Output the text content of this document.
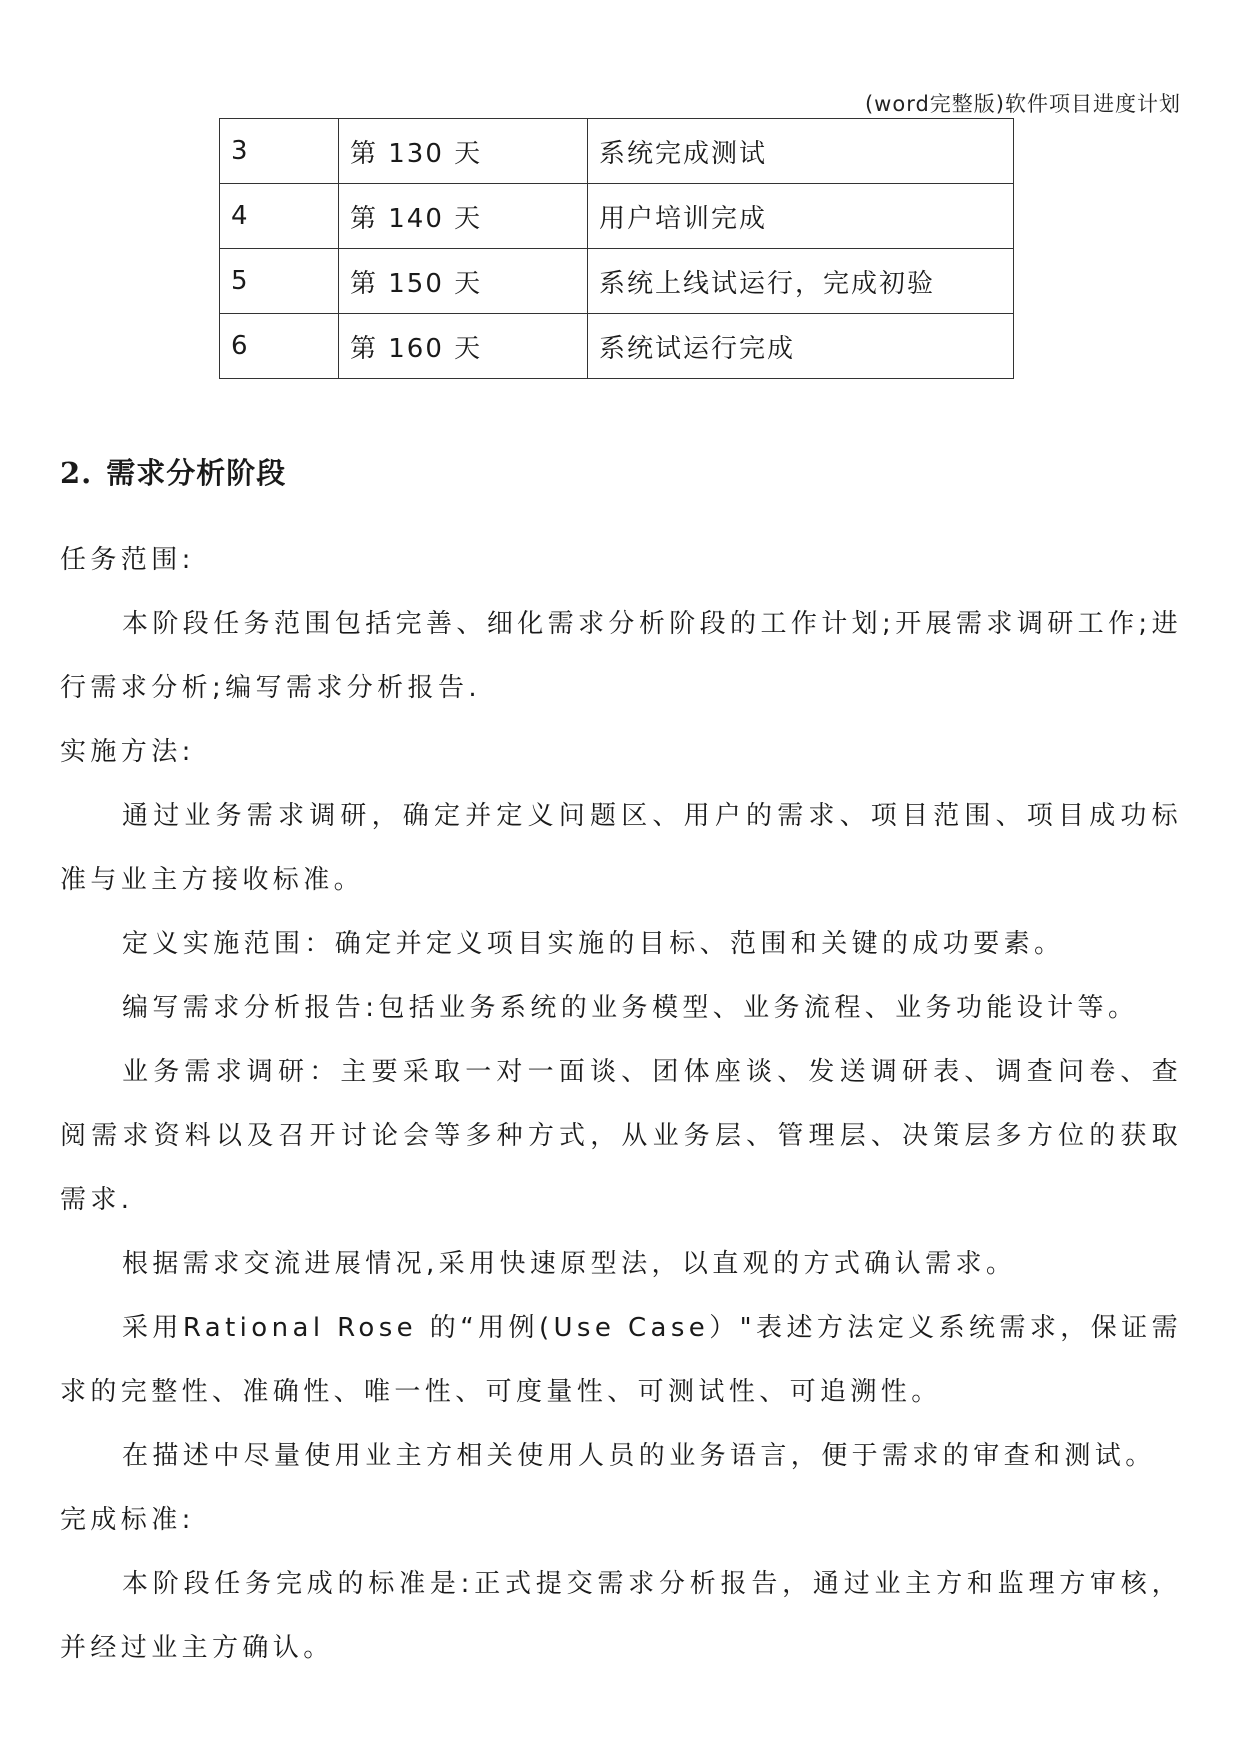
(word完整版)软件项目进度计划
3	第 130 天	系统完成测试
4	第 140 天	用户培训完成
5	第 150 天	系统上线试运行，完成初验
6	第 160 天	系统试运行完成
2. 需求分析阶段

任务范围:

本阶段任务范围包括完善、细化需求分析阶段的工作计划;开展需求调研工作;进行需求分析;编写需求分析报告.

实施方法:

通过业务需求调研，确定并定义问题区、用户的需求、项目范围、项目成功标准与业主方接收标准。

定义实施范围：确定并定义项目实施的目标、范围和关键的成功要素。

编写需求分析报告:包括业务系统的业务模型、业务流程、业务功能设计等。

业务需求调研：主要采取一对一面谈、团体座谈、发送调研表、调查问卷、查阅需求资料以及召开讨论会等多种方式，从业务层、管理层、决策层多方位的获取需求.

根据需求交流进展情况,采用快速原型法，以直观的方式确认需求。

采用Rational Rose 的“用例(Use Case）"表述方法定义系统需求，保证需求的完整性、准确性、唯一性、可度量性、可测试性、可追溯性。

在描述中尽量使用业主方相关使用人员的业务语言，便于需求的审查和测试。

完成标准:

本阶段任务完成的标准是:正式提交需求分析报告，通过业主方和监理方审核，并经过业主方确认。
